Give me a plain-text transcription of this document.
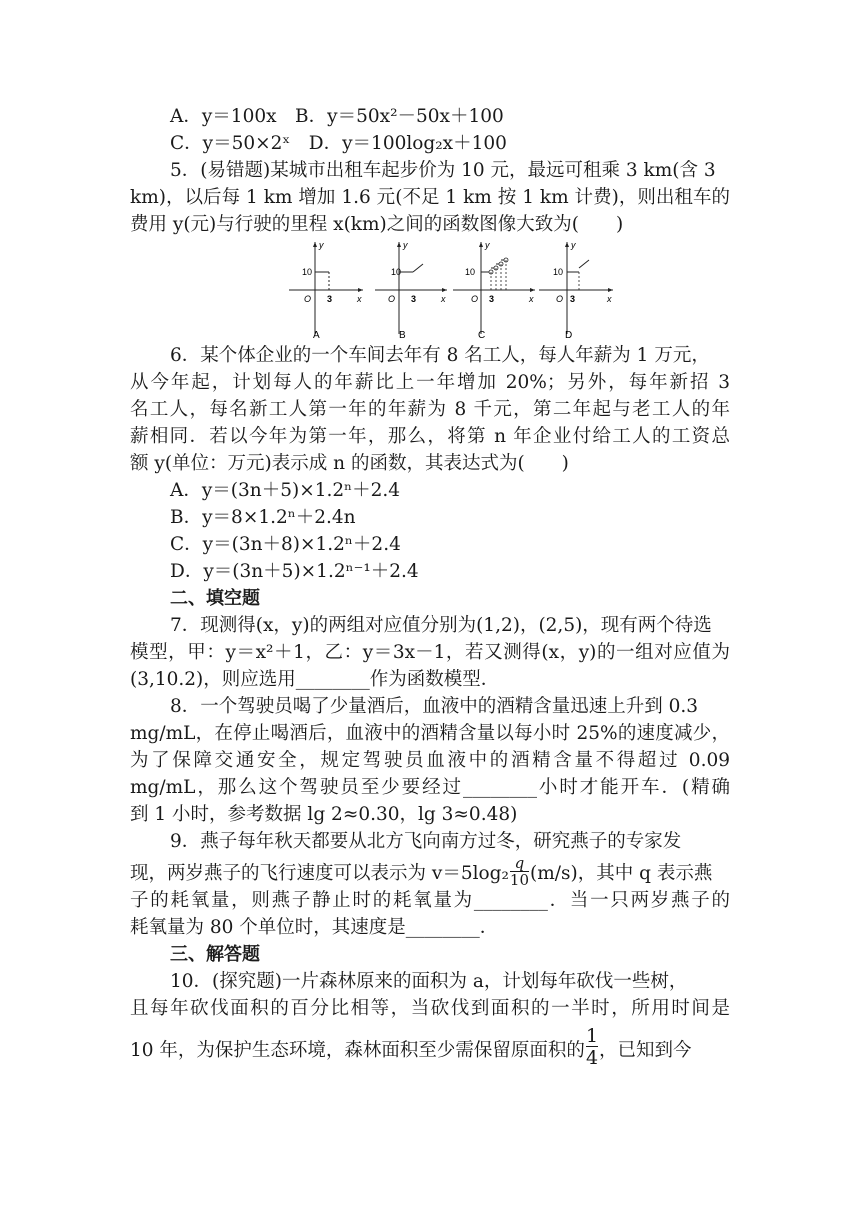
A．y＝100x　B．y＝50x²－50x＋100
C．y＝50×2ˣ　D．y＝100log₂x＋100
5．(易错题)某城市出租车起步价为 10 元，最远可租乘 3 km(含 3
km)，以后每 1 km 增加 1.6 元(不足 1 km 按 1 km 计费)，则出租车的
费用 y(元)与行驶的里程 x(km)之间的函数图像大致为(　　)
y
x
O
10
3
A
y
x
O
10
3
B
y
x
O
10
3
C
y
x
O
10
3
D
6．某个体企业的一个车间去年有 8 名工人，每人年薪为 1 万元，
从今年起，计划每人的年薪比上一年增加 20%；另外，每年新招 3
名工人，每名新工人第一年的年薪为 8 千元，第二年起与老工人的年
薪相同．若以今年为第一年，那么，将第 n 年企业付给工人的工资总
额 y(单位：万元)表示成 n 的函数，其表达式为(　　)
A．y＝(3n＋5)×1.2ⁿ＋2.4
B．y＝8×1.2ⁿ＋2.4n
C．y＝(3n＋8)×1.2ⁿ＋2.4
D．y＝(3n＋5)×1.2ⁿ⁻¹＋2.4
二、填空题
7．现测得(x，y)的两组对应值分别为(1,2)，(2,5)，现有两个待选
模型，甲：y＝x²＋1，乙：y＝3x－1，若又测得(x，y)的一组对应值为
(3,10.2)，则应选用________作为函数模型．
8．一个驾驶员喝了少量酒后，血液中的酒精含量迅速上升到 0.3
mg/mL，在停止喝酒后，血液中的酒精含量以每小时 25%的速度减少，
为了保障交通安全，规定驾驶员血液中的酒精含量不得超过 0.09
mg/mL，那么这个驾驶员至少要经过________小时才能开车．(精确
到 1 小时，参考数据 lg 2≈0.30，lg 3≈0.48)
9．燕子每年秋天都要从北方飞向南方过冬，研究燕子的专家发
现，两岁燕子的飞行速度可以表示为 $v=5\log_2 \frac{q}{10} (m/s)$，其中 q 表示燕
子的耗氧量，则燕子静止时的耗氧量为________．当一只两岁燕子的
耗氧量为 80 个单位时，其速度是________．
三、解答题
10．(探究题)一片森林原来的面积为 a，计划每年砍伐一些树，
且每年砍伐面积的百分比相等，当砍伐到面积的一半时，所用时间是
10 年，为保护生态环境，森林面积至少需保留原面积的 $\frac{1}{4}$ ，已知到今
